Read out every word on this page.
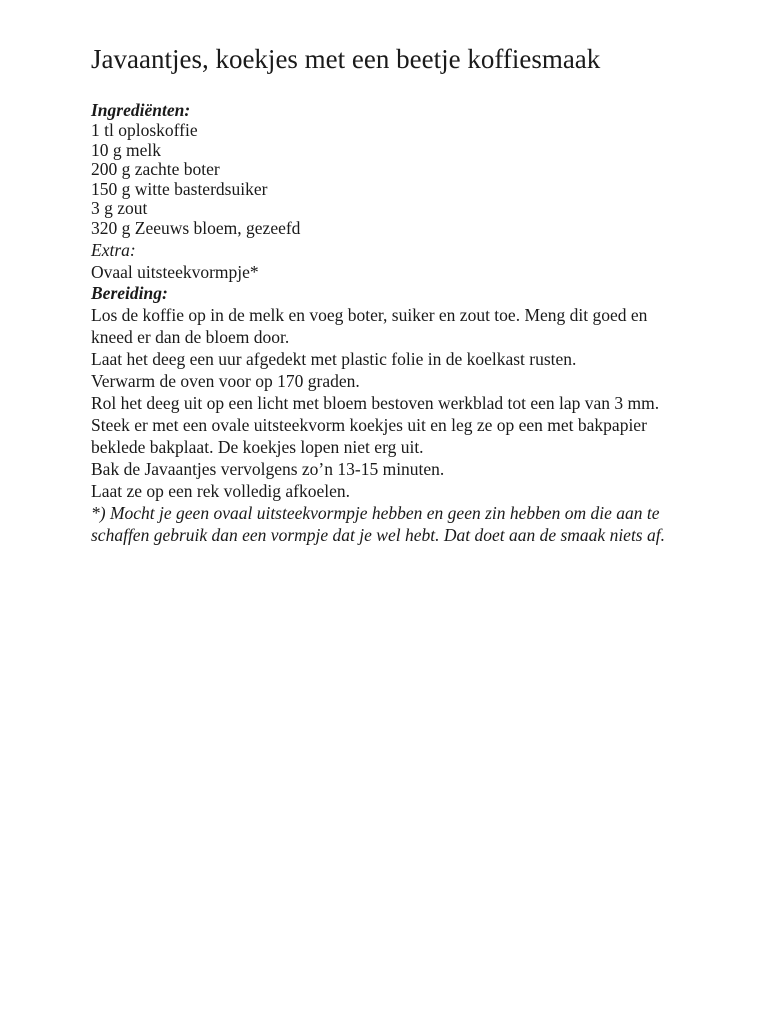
Javaantjes, koekjes met een beetje koffiesmaak
Ingrediënten:
1 tl oploskoffie
10 g melk
200 g zachte boter
150 g witte basterdsuiker
3 g zout
320 g Zeeuws bloem, gezeefd
Extra:
Ovaal uitsteekvormpje*
Bereiding:

Los de koffie op in de melk en voeg boter, suiker en zout toe. Meng dit goed en kneed er dan de bloem door.

Laat het deeg een uur afgedekt met plastic folie in de koelkast rusten.

Verwarm de oven voor op 170 graden.

Rol het deeg uit op een licht met bloem bestoven werkblad tot een lap van 3 mm.

Steek er met een ovale uitsteekvorm koekjes uit en leg ze op een met bakpapier beklede bakplaat. De koekjes lopen niet erg uit.

Bak de Javaantjes vervolgens zo’n 13-15 minuten.

Laat ze op een rek volledig afkoelen.

*) Mocht je geen ovaal uitsteekvormpje hebben en geen zin hebben om die aan te schaffen gebruik dan een vormpje dat je wel hebt. Dat doet aan de smaak niets af.
